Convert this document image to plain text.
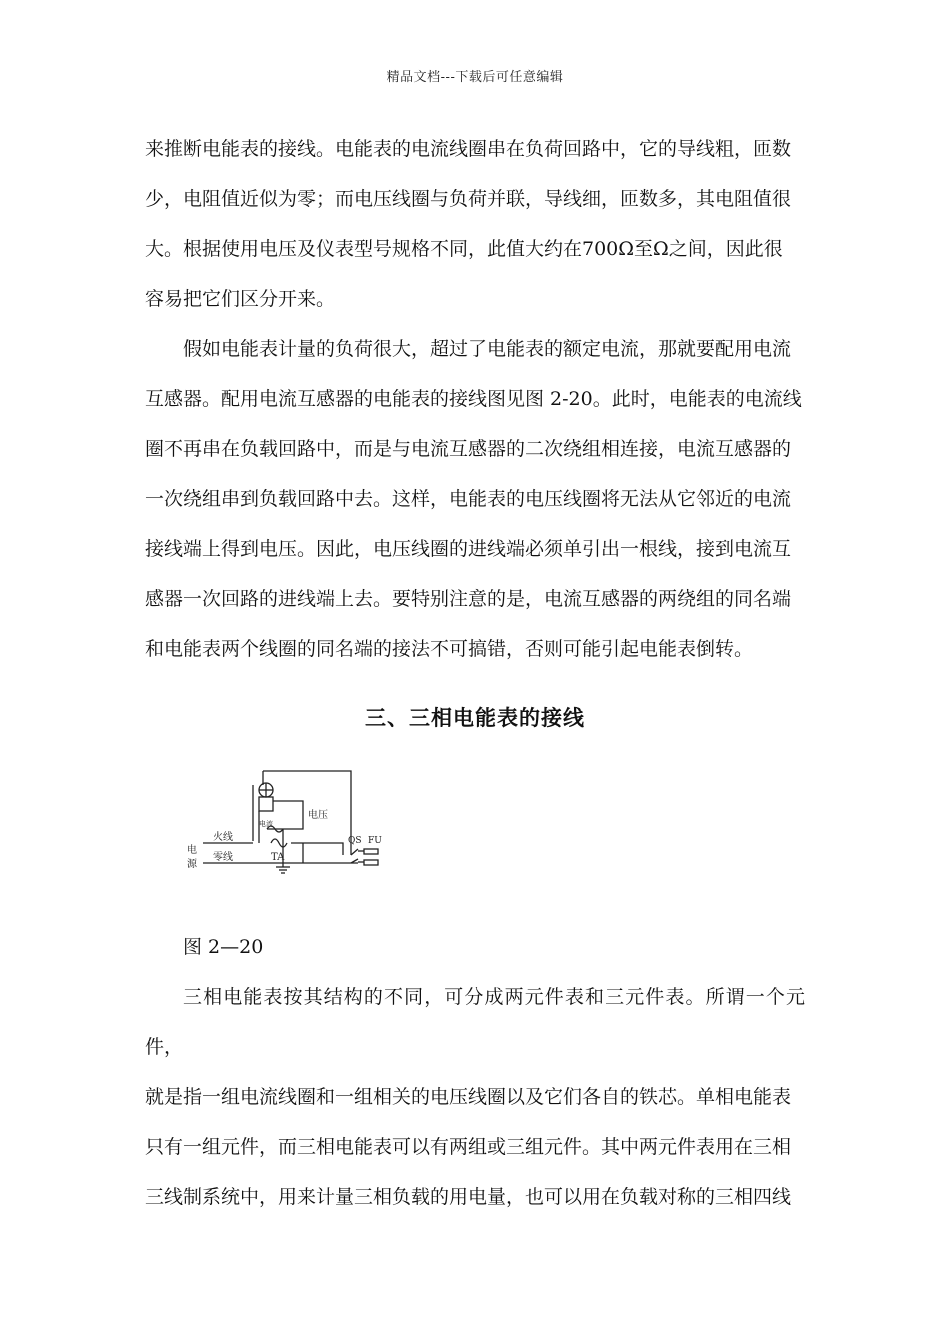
精品文档---下载后可任意编辑
来推断电能表的接线。电能表的电流线圈串在负荷回路中，它的导线粗，匝数
少，电阻值近似为零；而电压线圈与负荷并联，导线细，匝数多，其电阻值很
大。根据使用电压及仪表型号规格不同，此值大约在700Ω至Ω之间，因此很
容易把它们区分开来。
假如电能表计量的负荷很大，超过了电能表的额定电流，那就要配用电流
互感器。配用电流互感器的电能表的接线图见图 2-20。此时，电能表的电流线
圈不再串在负载回路中，而是与电流互感器的二次绕组相连接，电流互感器的
一次绕组串到负载回路中去。这样，电能表的电压线圈将无法从它邻近的电流
接线端上得到电压。因此，电压线圈的进线端必须单引出一根线，接到电流互
感器一次回路的进线端上去。要特别注意的是，电流互感器的两绕组的同名端
和电能表两个线圈的同名端的接法不可搞错，否则可能引起电能表倒转。
三、三相电能表的接线
电压
电流
火线
零线
电
源
TA
QS FU
图 2—20
三相电能表按其结构的不同，可分成两元件表和三元件表。所谓一个元件，
就是指一组电流线圈和一组相关的电压线圈以及它们各自的铁芯。单相电能表
只有一组元件，而三相电能表可以有两组或三组元件。其中两元件表用在三相
三线制系统中，用来计量三相负载的用电量，也可以用在负载对称的三相四线
